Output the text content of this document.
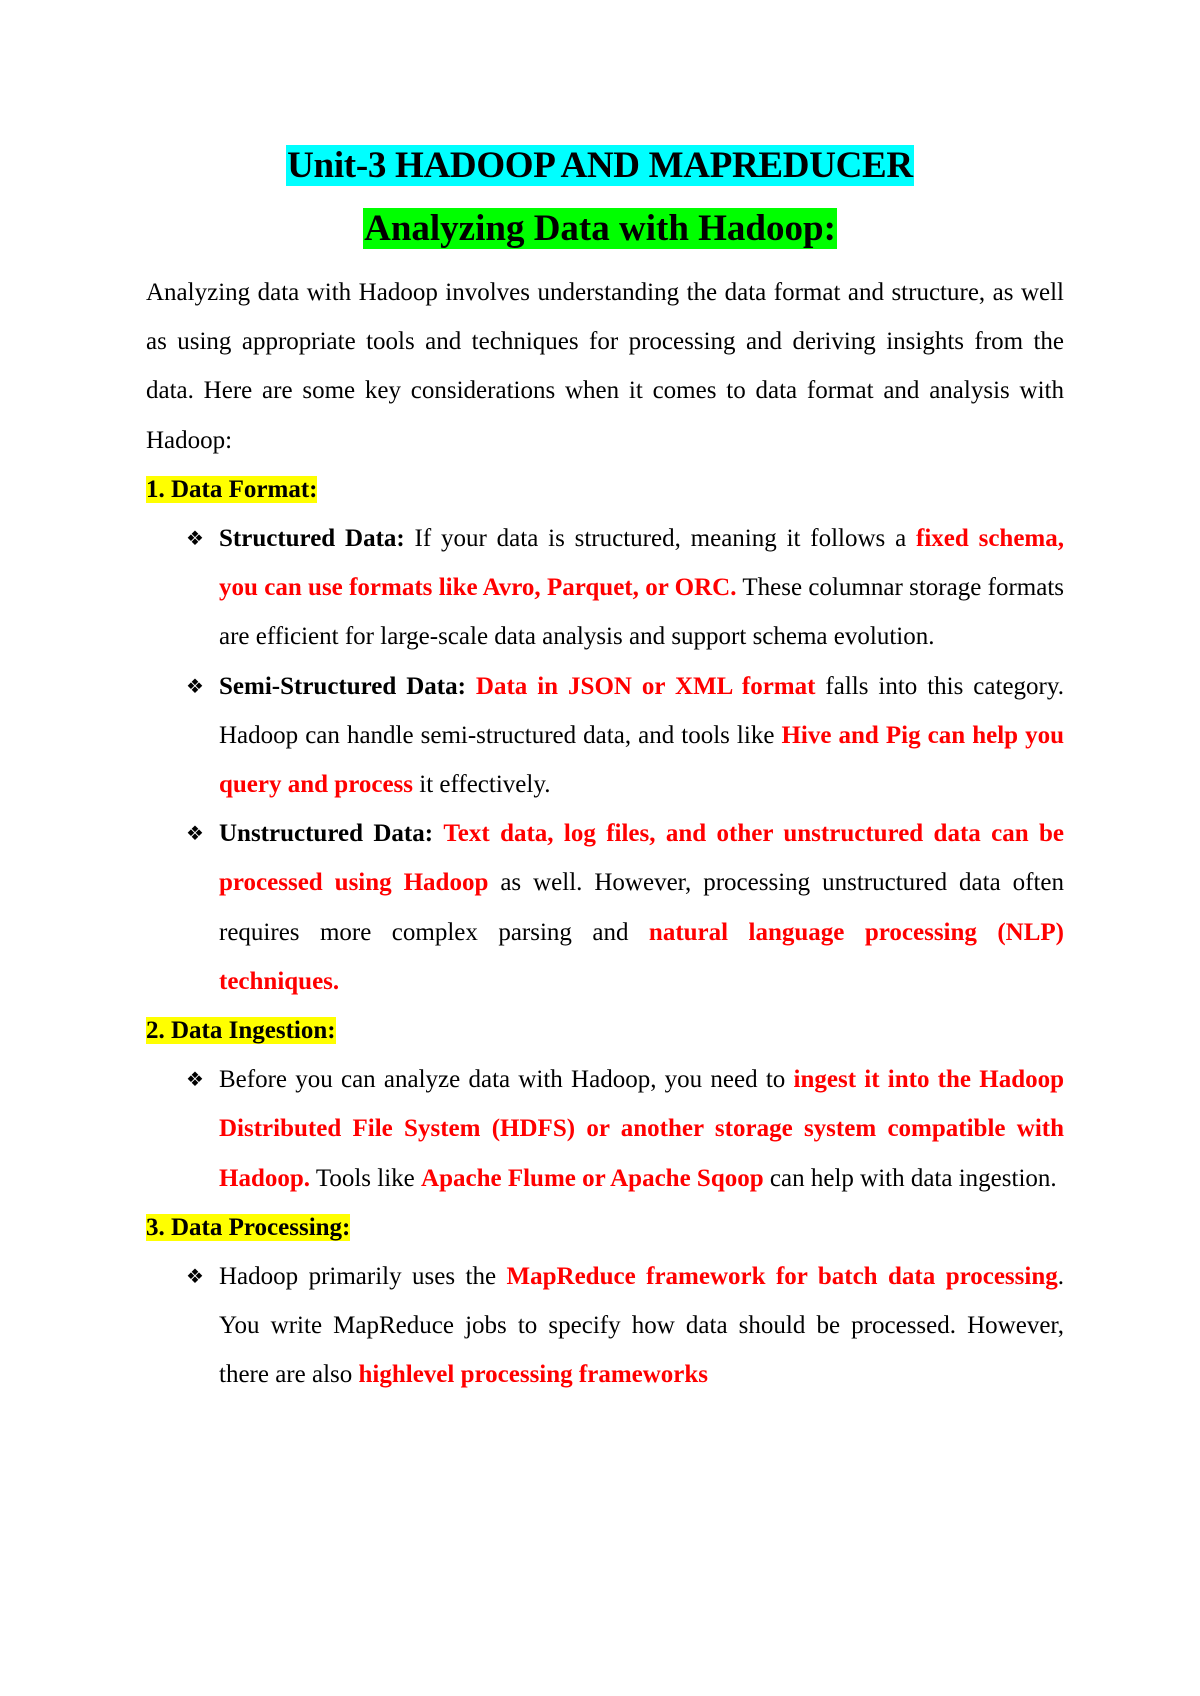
Unit-3 HADOOP AND MAPREDUCER
Analyzing Data with Hadoop:

Analyzing data with Hadoop involves understanding the data format and structure, as well as using appropriate tools and techniques for processing and deriving insights from the data. Here are some key considerations when it comes to data format and analysis with Hadoop:

1. Data Format:

❖ Structured Data: If your data is structured, meaning it follows a fixed schema, you can use formats like Avro, Parquet, or ORC. These columnar storage formats are efficient for large-scale data analysis and support schema evolution.

❖ Semi-Structured Data: Data in JSON or XML format falls into this category. Hadoop can handle semi-structured data, and tools like Hive and Pig can help you query and process it effectively.

❖ Unstructured Data: Text data, log files, and other unstructured data can be processed using Hadoop as well. However, processing unstructured data often requires more complex parsing and natural language processing (NLP) techniques.

2. Data Ingestion:

❖ Before you can analyze data with Hadoop, you need to ingest it into the Hadoop Distributed File System (HDFS) or another storage system compatible with Hadoop. Tools like Apache Flume or Apache Sqoop can help with data ingestion.

3. Data Processing:

❖ Hadoop primarily uses the MapReduce framework for batch data processing. You write MapReduce jobs to specify how data should be processed. However, there are also highlevel processing frameworks
